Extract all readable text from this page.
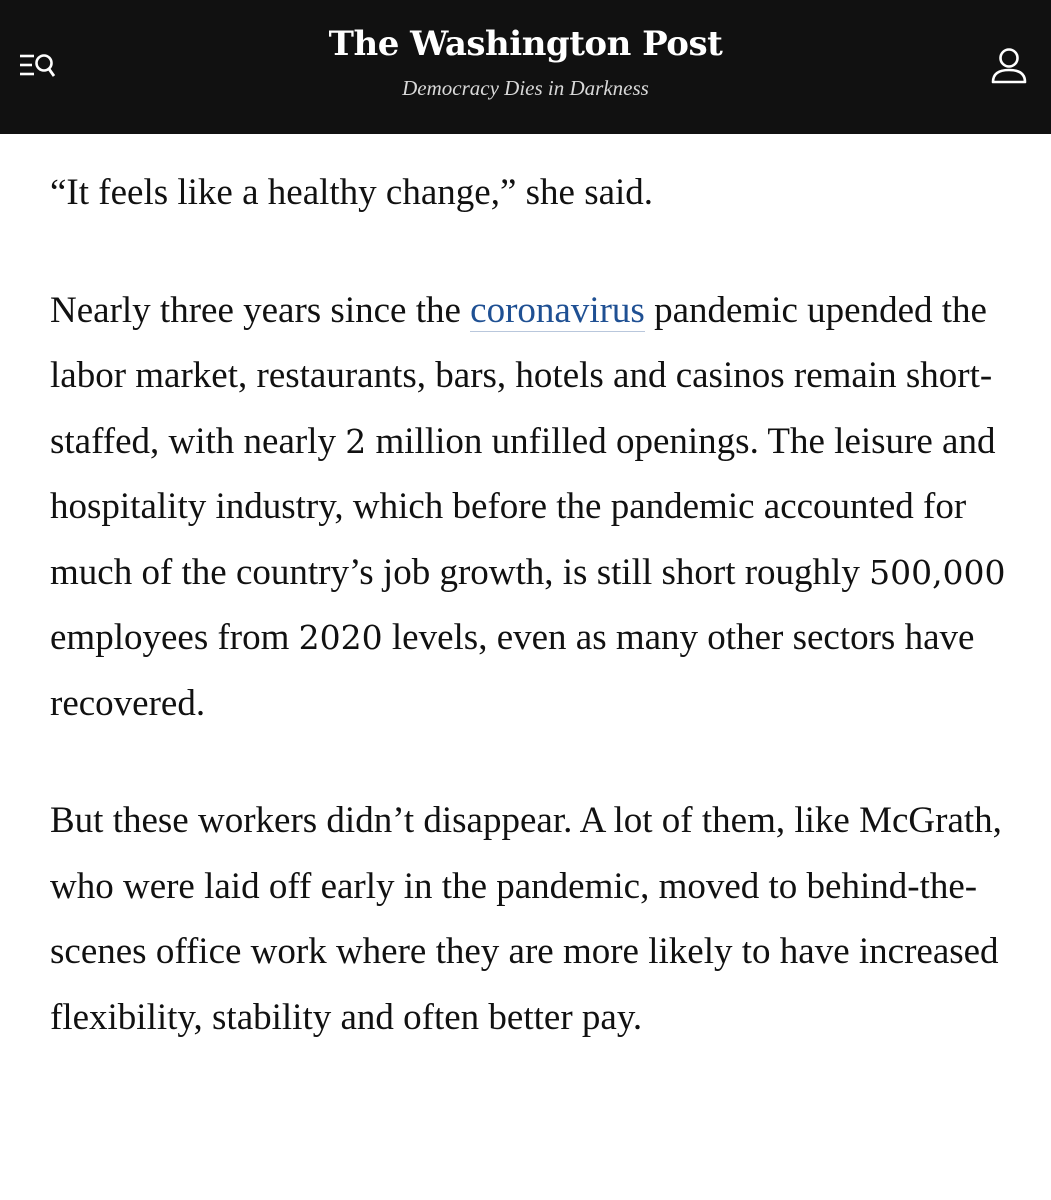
The Washington Post
Democracy Dies in Darkness

“It feels like a healthy change,” she said.

Nearly three years since the coronavirus pandemic upended the labor market, restaurants, bars, hotels and casinos remain short-staffed, with nearly 2 million unfilled openings. The leisure and hospitality industry, which before the pandemic accounted for much of the country’s job growth, is still short roughly 500,000 employees from 2020 levels, even as many other sectors have recovered.

But these workers didn’t disappear. A lot of them, like McGrath, who were laid off early in the pandemic, moved to behind-the-scenes office work where they are more likely to have increased flexibility, stability and often better pay.
